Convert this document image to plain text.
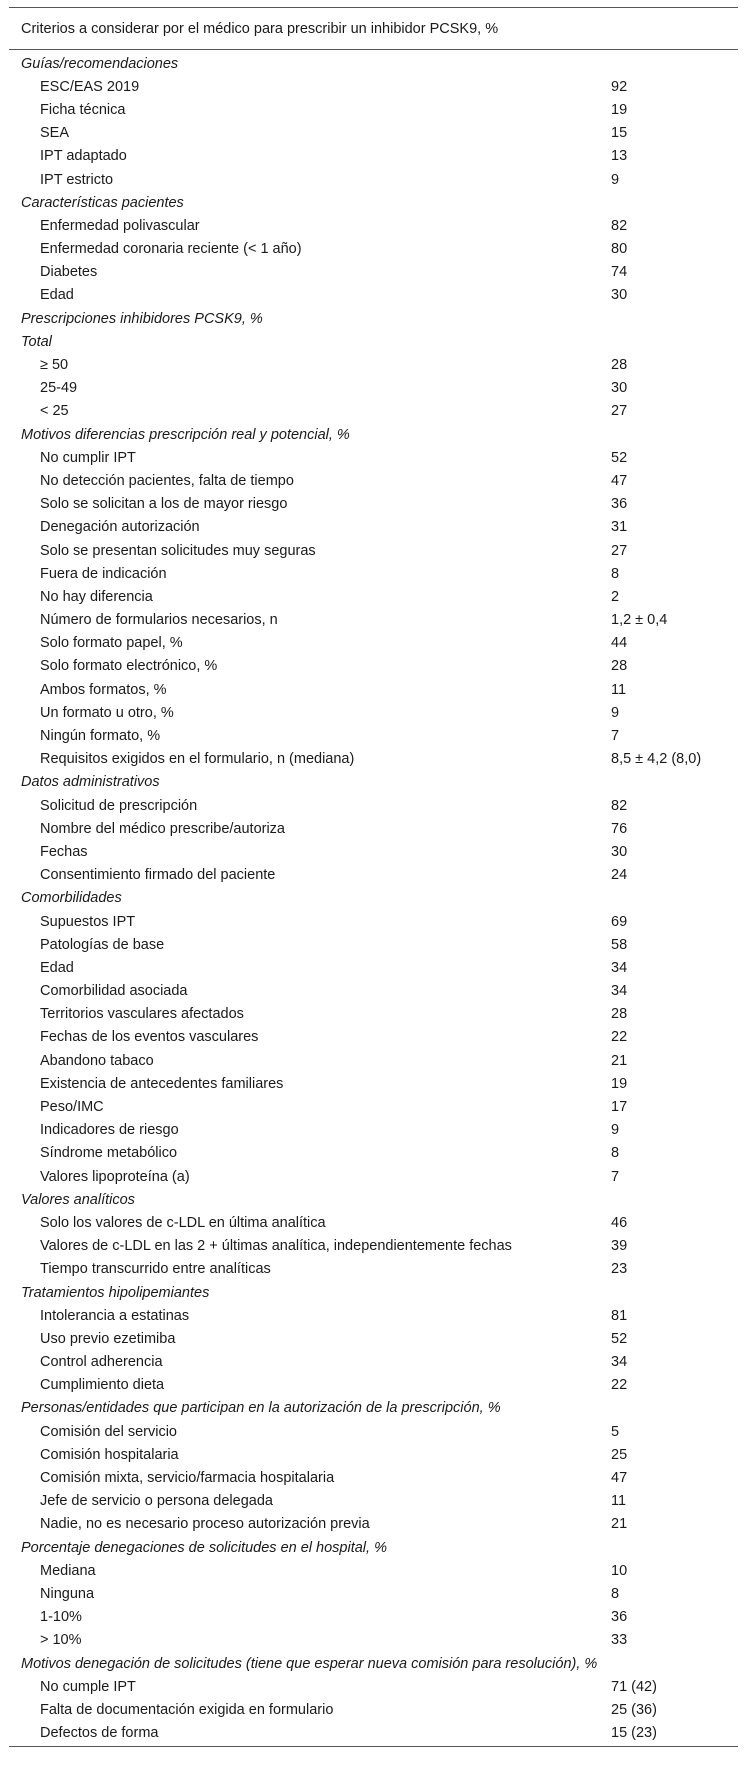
Criterios a considerar por el médico para prescribir un inhibidor PCSK9, %
Guías/recomendaciones
ESC/EAS 2019	92
Ficha técnica	19
SEA	15
IPT adaptado	13
IPT estricto	9
Características pacientes
Enfermedad polivascular	82
Enfermedad coronaria reciente (< 1 año)	80
Diabetes	74
Edad	30
Prescripciones inhibidores PCSK9, %
Total
≥ 50	28
25-49	30
< 25	27
Motivos diferencias prescripción real y potencial, %
No cumplir IPT	52
No detección pacientes, falta de tiempo	47
Solo se solicitan a los de mayor riesgo	36
Denegación autorización	31
Solo se presentan solicitudes muy seguras	27
Fuera de indicación	8
No hay diferencia	2
Número de formularios necesarios, n	1,2 ± 0,4
Solo formato papel, %	44
Solo formato electrónico, %	28
Ambos formatos, %	11
Un formato u otro, %	9
Ningún formato, %	7
Requisitos exigidos en el formulario, n (mediana)	8,5 ± 4,2 (8,0)
Datos administrativos
Solicitud de prescripción	82
Nombre del médico prescribe/autoriza	76
Fechas	30
Consentimiento firmado del paciente	24
Comorbilidades
Supuestos IPT	69
Patologías de base	58
Edad	34
Comorbilidad asociada	34
Territorios vasculares afectados	28
Fechas de los eventos vasculares	22
Abandono tabaco	21
Existencia de antecedentes familiares	19
Peso/IMC	17
Indicadores de riesgo	9
Síndrome metabólico	8
Valores lipoproteína (a)	7
Valores analíticos
Solo los valores de c-LDL en última analítica	46
Valores de c-LDL en las 2 + últimas analítica, independientemente fechas	39
Tiempo transcurrido entre analíticas	23
Tratamientos hipolipemiantes
Intolerancia a estatinas	81
Uso previo ezetimiba	52
Control adherencia	34
Cumplimiento dieta	22
Personas/entidades que participan en la autorización de la prescripción, %
Comisión del servicio	5
Comisión hospitalaria	25
Comisión mixta, servicio/farmacia hospitalaria	47
Jefe de servicio o persona delegada	11
Nadie, no es necesario proceso autorización previa	21
Porcentaje denegaciones de solicitudes en el hospital, %
Mediana	10
Ninguna	8
1-10%	36
> 10%	33
Motivos denegación de solicitudes (tiene que esperar nueva comisión para resolución), %
No cumple IPT	71 (42)
Falta de documentación exigida en formulario	25 (36)
Defectos de forma	15 (23)
